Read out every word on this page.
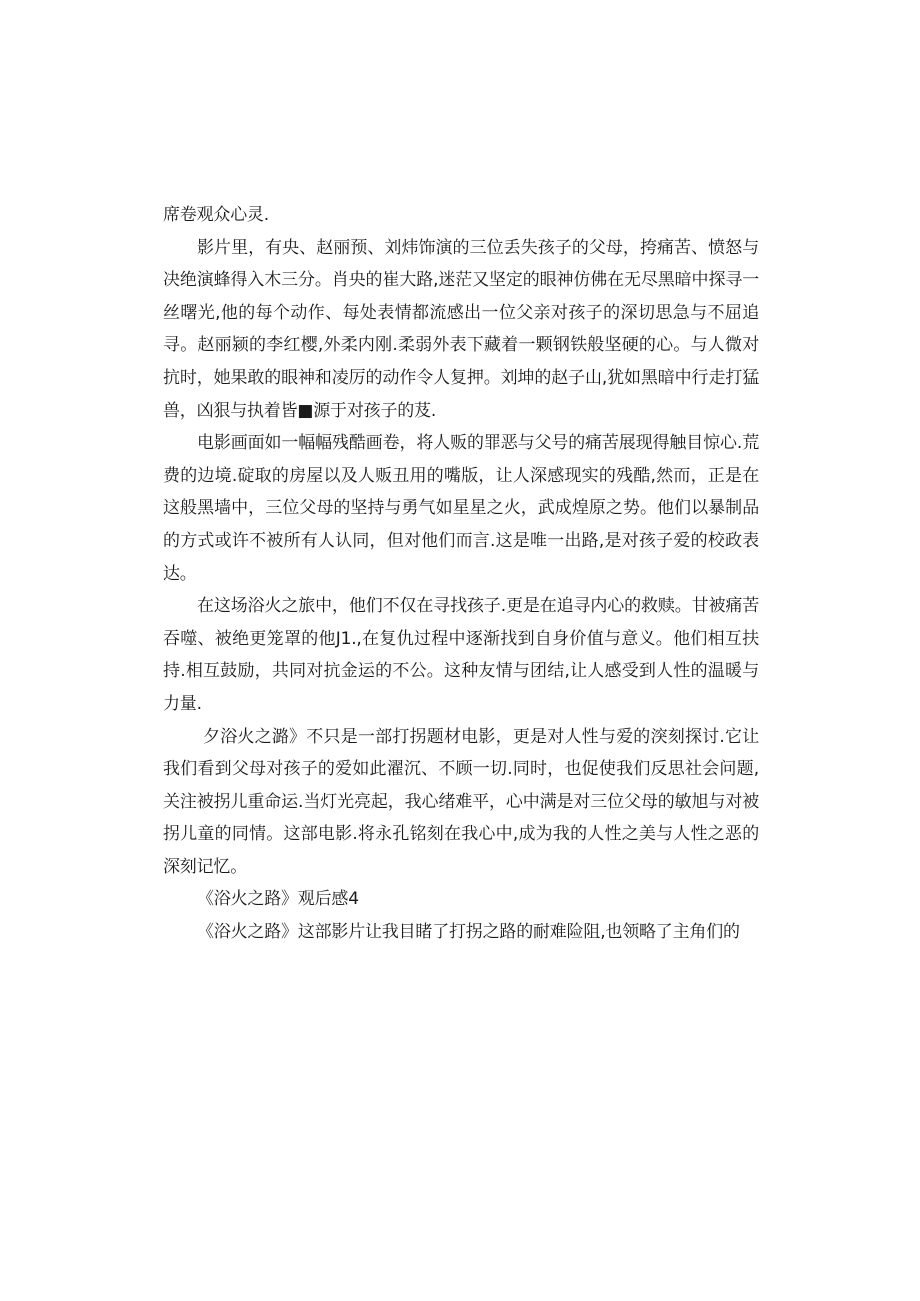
席卷观众心灵.

影片里，有央、赵丽预、刘炜饰演的三位丢失孩子的父母，挎痛苦、愤怒与决绝演蜂得入木三分。肖央的崔大路,迷茫又坚定的眼神仿佛在无尽黑暗中探寻一丝曙光,他的每个动作、每处表情都流感出一位父亲对孩子的深切思急与不屈追寻。赵丽颍的李红樱,外柔内刚.柔弱外表下藏着一颗钢铁般坚硬的心。与人微对抗时，她果敢的眼神和凌厉的动作令人复押。刘坤的赵子山,犹如黑暗中行走打猛兽，凶狠与执着皆■源于对孩子的芨.

电影画面如一幅幅残酷画卷，将人贩的罪恶与父号的痛苦展现得触目惊心.荒费的边境.碇取的房屋以及人贩丑用的嘴版，让人深感现实的残酷,然而，正是在这般黑墙中，三位父母的坚持与勇气如星星之火，武成煌原之势。他们以暴制品的方式或许不被所有人认同，但对他们而言.这是唯一出路,是对孩子爱的校政表达。

在这场浴火之旅中，他们不仅在寻找孩子.更是在追寻内心的救赎。甘被痛苦吞噬、被绝更笼罩的他J1.,在复仇过程中逐渐找到自身价值与意义。他们相互扶持.相互鼓励，共同对抗金运的不公。这种友情与团结,让人感受到人性的温暖与力量.

夕浴火之潞》不只是一部打拐题材电影，更是对人性与爱的湥刻探讨.它让我们看到父母对孩子的爱如此濯沉、不顾一切.同时，也促使我们反思社会问题,关注被拐儿重命运.当灯光亮起，我心绪难平，心中满是对三位父母的敏旭与对被拐儿童的同情。这部电影.将永孔铭刻在我心中,成为我的人性之美与人性之恶的深刻记忆。

《浴火之路》观后感4

《浴火之路》这部影片让我目睹了打拐之路的耐难险阻,也领略了主角们的
